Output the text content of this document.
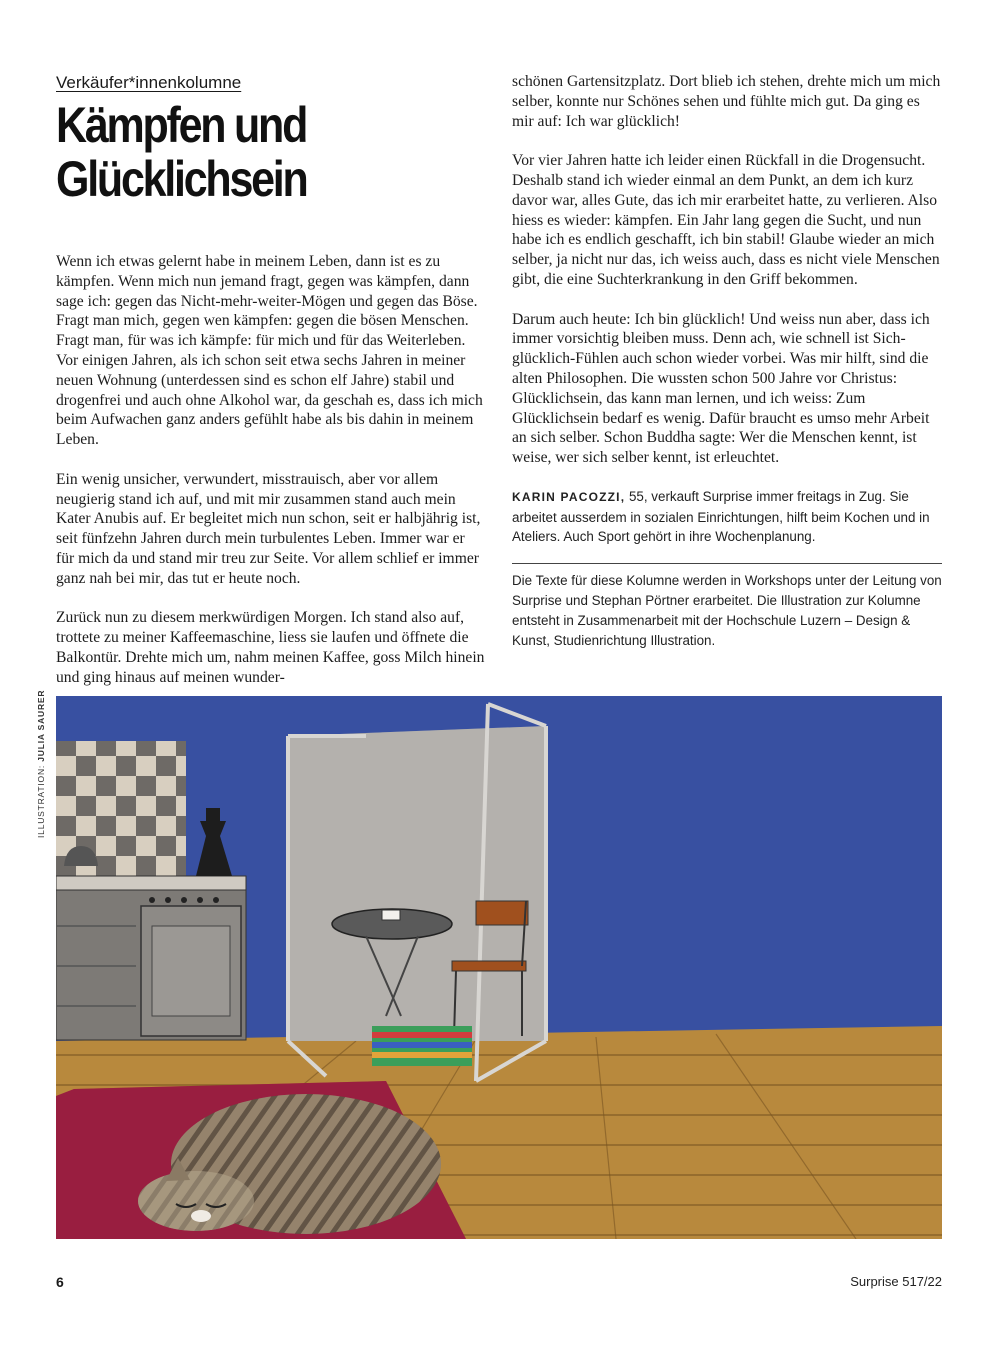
Verkäufer*innenkolumne
Kämpfen und
Glücklichsein

Wenn ich etwas gelernt habe in meinem Leben, dann ist es zu kämpfen. Wenn mich nun jemand fragt, gegen was kämpfen, dann sage ich: gegen das Nicht-mehr-weiter-Mögen und gegen das Böse. Fragt man mich, gegen wen kämpfen: gegen die bösen Menschen. Fragt man, für was ich kämpfe: für mich und für das Weiterleben. Vor einigen Jahren, als ich schon seit etwa sechs Jahren in meiner neuen Wohnung (unterdessen sind es schon elf Jahre) stabil und drogenfrei und auch ohne Alkohol war, da geschah es, dass ich mich beim Aufwachen ganz anders gefühlt habe als bis dahin in meinem Leben.

Ein wenig unsicher, verwundert, misstrauisch, aber vor allem neugierig stand ich auf, und mit mir zusammen stand auch mein Kater Anubis auf. Er begleitet mich nun schon, seit er halbjährig ist, seit fünfzehn Jahren durch mein turbulentes Leben. Immer war er für mich da und stand mir treu zur Seite. Vor allem schlief er immer ganz nah bei mir, das tut er heute noch.

Zurück nun zu diesem merkwürdigen Morgen. Ich stand also auf, trottete zu meiner Kaffeemaschine, liess sie laufen und öffnete die Balkontür. Drehte mich um, nahm meinen Kaffee, goss Milch hinein und ging hinaus auf meinen wunder-

schönen Gartensitzplatz. Dort blieb ich stehen, drehte mich um mich selber, konnte nur Schönes sehen und fühlte mich gut. Da ging es mir auf: Ich war glücklich!

Vor vier Jahren hatte ich leider einen Rückfall in die Drogensucht. Deshalb stand ich wieder einmal an dem Punkt, an dem ich kurz davor war, alles Gute, das ich mir erarbeitet hatte, zu verlieren. Also hiess es wieder: kämpfen. Ein Jahr lang gegen die Sucht, und nun habe ich es endlich geschafft, ich bin stabil! Glaube wieder an mich selber, ja nicht nur das, ich weiss auch, dass es nicht viele Menschen gibt, die eine Suchterkrankung in den Griff bekommen.

Darum auch heute: Ich bin glücklich! Und weiss nun aber, dass ich immer vorsichtig bleiben muss. Denn ach, wie schnell ist Sich-glücklich-Fühlen auch schon wieder vorbei. Was mir hilft, sind die alten Philosophen. Die wussten schon 500 Jahre vor Christus: Glücklichsein, das kann man lernen, und ich weiss: Zum Glücklichsein bedarf es wenig. Dafür braucht es umso mehr Arbeit an sich selber. Schon Buddha sagte: Wer die Menschen kennt, ist weise, wer sich selber kennt, ist erleuchtet.

KARIN PACOZZI, 55, verkauft Surprise immer freitags in Zug. Sie arbeitet ausserdem in sozialen Einrichtungen, hilft beim Kochen und in Ateliers. Auch Sport gehört in ihre Wochenplanung.
Die Texte für diese Kolumne werden in Workshops unter der Leitung von Surprise und Stephan Pörtner erarbeitet. Die Illustration zur Kolumne entsteht in Zusammenarbeit mit der Hochschule Luzern – Design & Kunst, Studienrichtung Illustration.
ILLUSTRATION: JULIA SAURER
6	Surprise 517/22
